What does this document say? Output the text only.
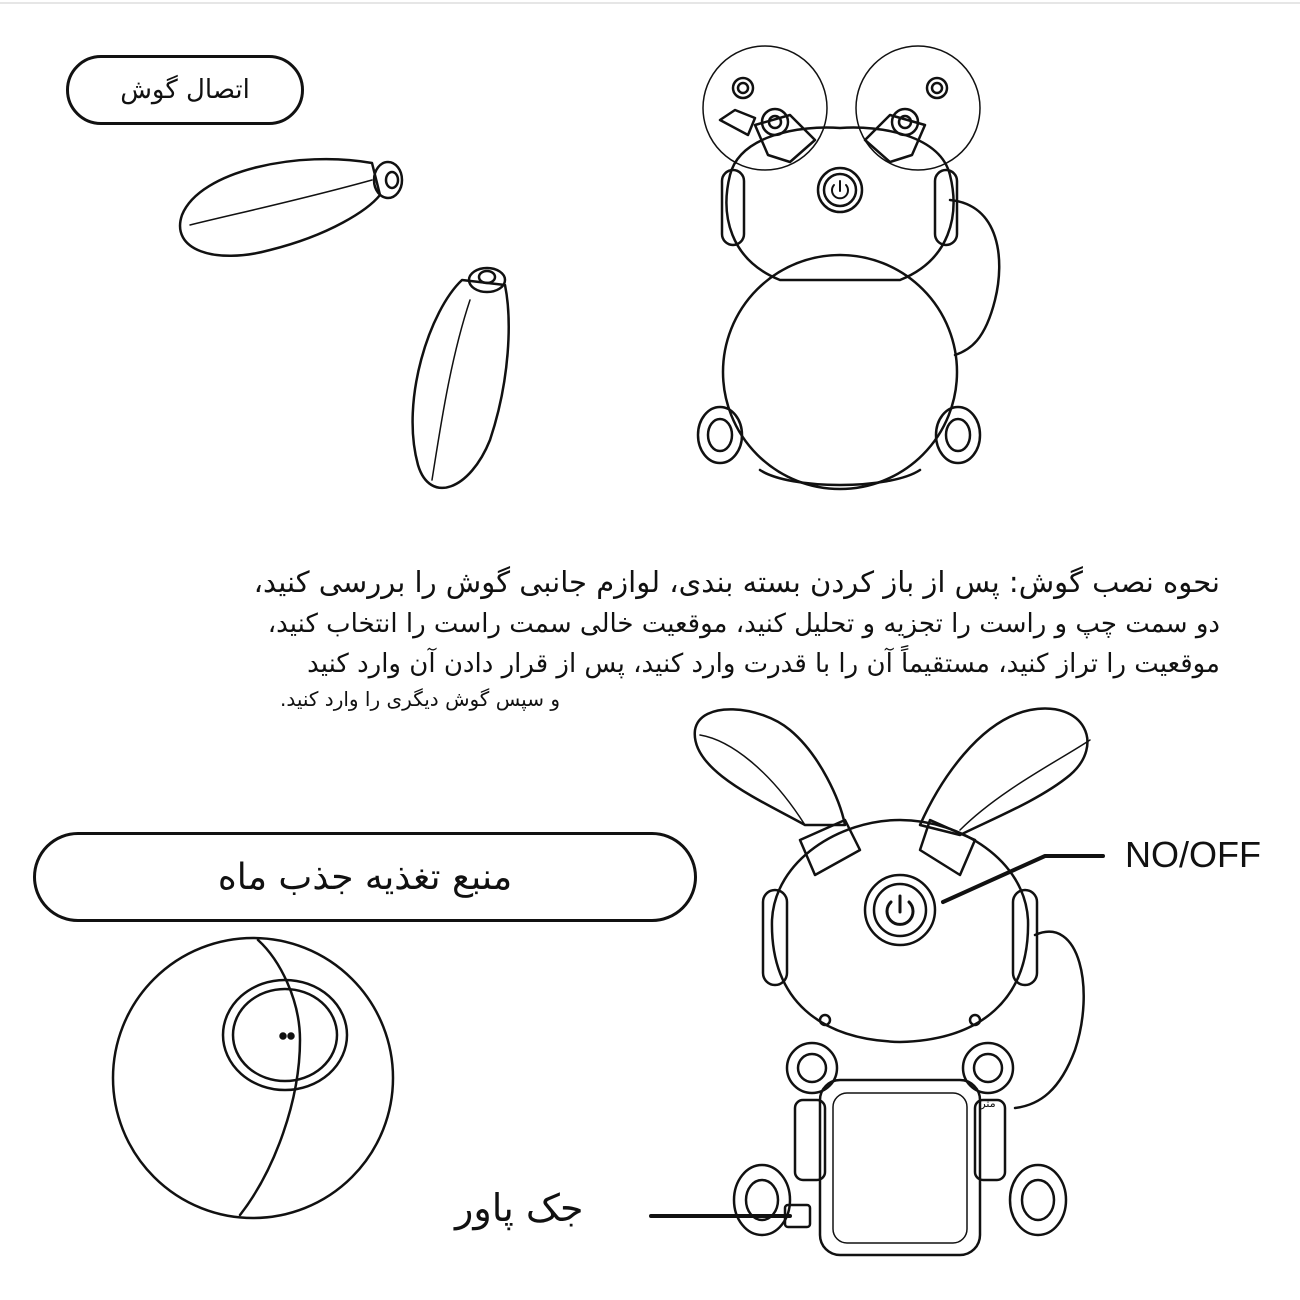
اتصال گوش
منبع تغذیه جذب ماه
متر
نحوه نصب گوش: پس از باز کردن بسته بندی، لوازم جانبی گوش را بررسی کنید،
دو سمت چپ و راست را تجزیه و تحلیل کنید، موقعیت خالی سمت راست را انتخاب کنید،
موقعیت را تراز کنید، مستقیماً آن را با قدرت وارد کنید، پس از قرار دادن آن وارد کنید
و سپس گوش دیگری را وارد کنید.
NO/OFF
جک پاور
